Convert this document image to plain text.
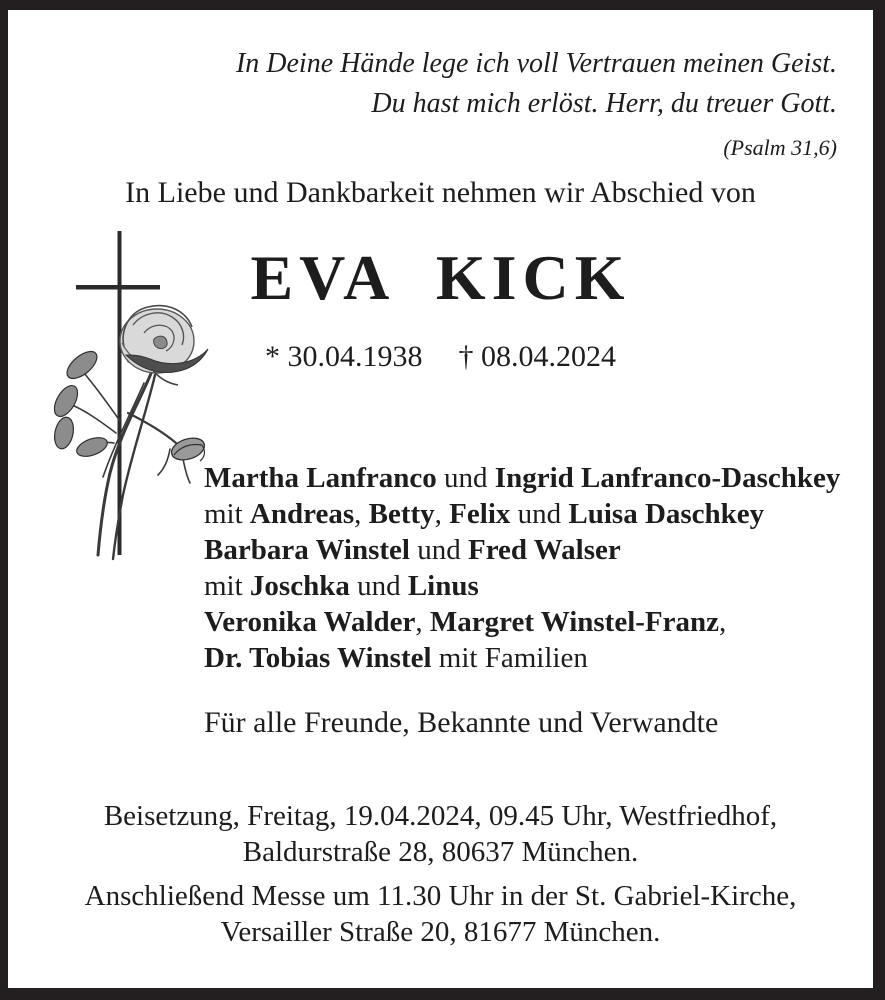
In Deine Hände lege ich voll Vertrauen meinen Geist.
Du hast mich erlöst. Herr, du treuer Gott.
(Psalm 31,6)
In Liebe und Dankbarkeit nehmen wir Abschied von
EVA KICK
* 30.04.1938 † 08.04.2024
Martha Lanfranco und Ingrid Lanfranco-Daschkey
mit Andreas, Betty, Felix und Luisa Daschkey
Barbara Winstel und Fred Walser
mit Joschka und Linus
Veronika Walder, Margret Winstel-Franz,
Dr. Tobias Winstel mit Familien
Für alle Freunde, Bekannte und Verwandte
Beisetzung, Freitag, 19.04.2024, 09.45 Uhr, Westfriedhof,
Baldurstraße 28, 80637 München.
Anschließend Messe um 11.30 Uhr in der St. Gabriel-Kirche,
Versailler Straße 20, 81677 München.
